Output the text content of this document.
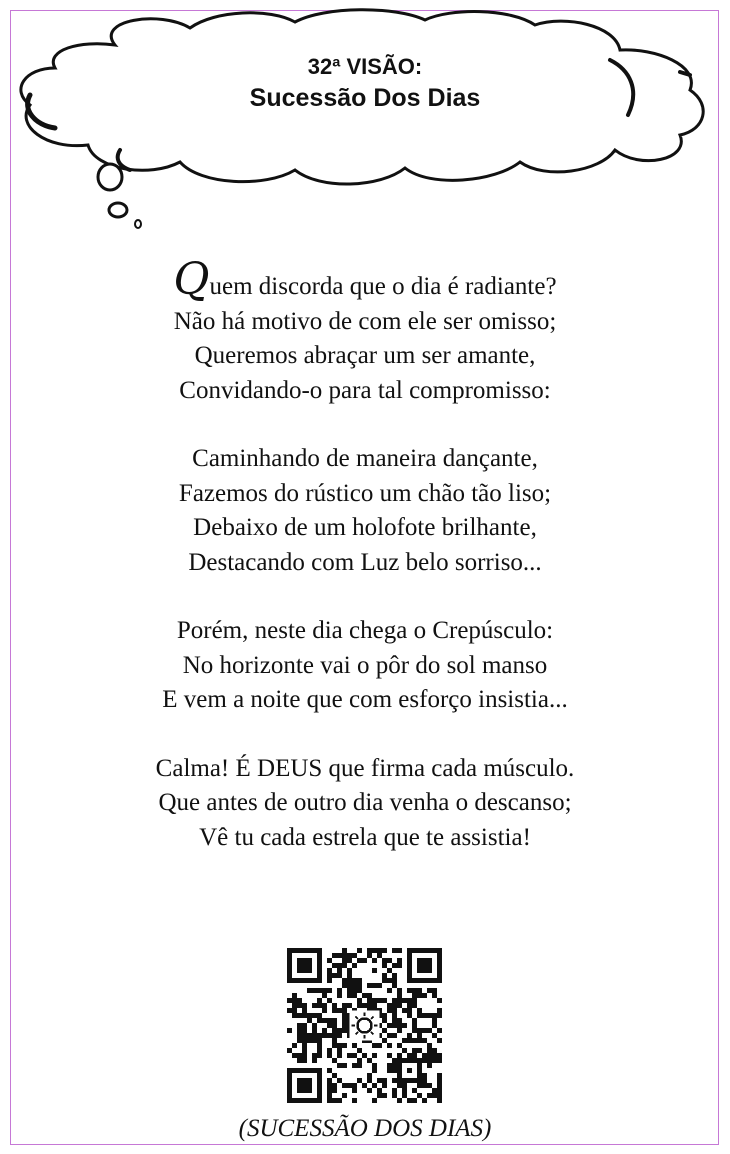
32ª VISÃO:
Sucessão Dos Dias
Quem discorda que o dia é radiante?
Não há motivo de com ele ser omisso;
Queremos abraçar um ser amante,
Convidando-o para tal compromisso:
Caminhando de maneira dançante,
Fazemos do rústico um chão tão liso;
Debaixo de um holofote brilhante,
Destacando com Luz belo sorriso...
Porém, neste dia chega o Crepúsculo:
No horizonte vai o pôr do sol manso
E vem a noite que com esforço insistia...
Calma! É DEUS que firma cada músculo.
Que antes de outro dia venha o descanso;
Vê tu cada estrela que te assistia!
(SUCESSÃO DOS DIAS)
